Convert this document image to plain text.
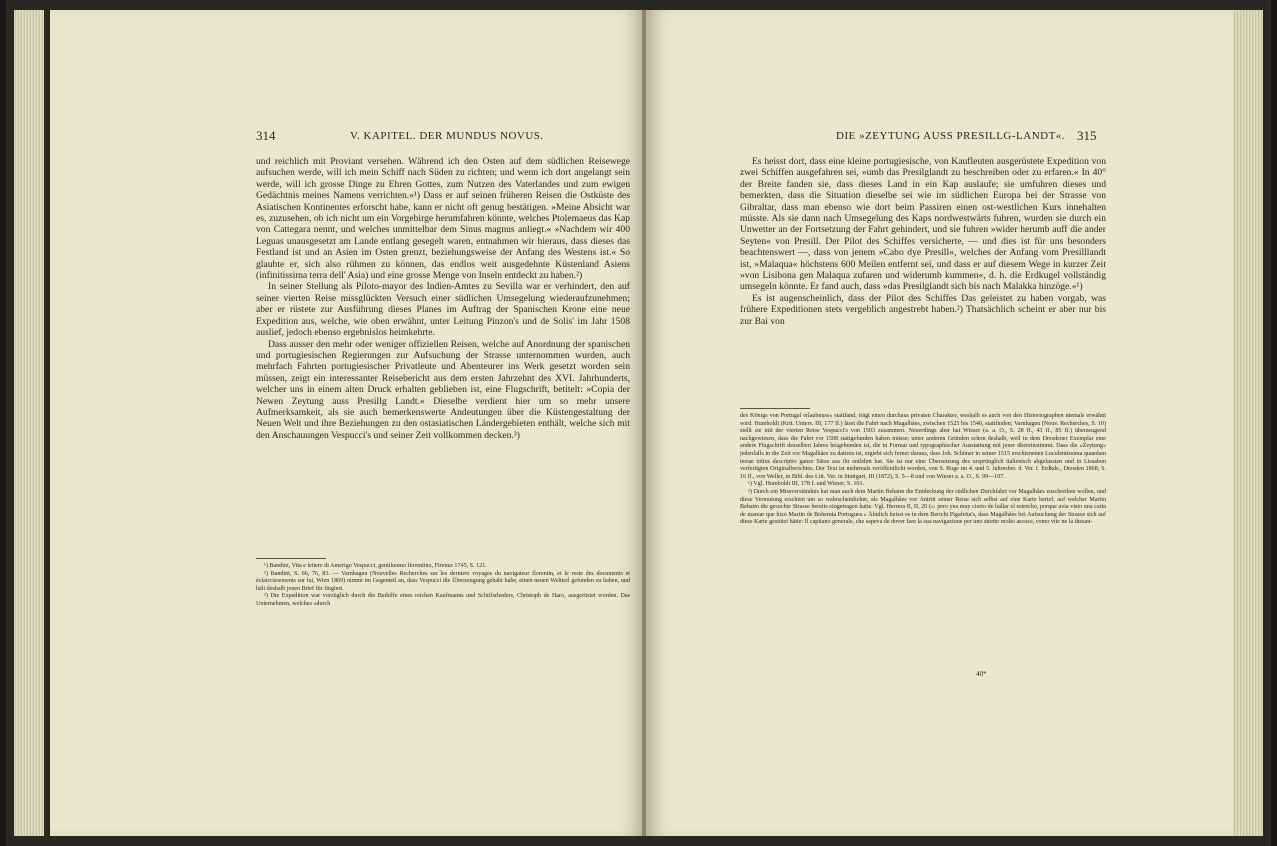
314	V. KAPITEL. DER MUNDUS NOVUS.

und reichlich mit Proviant versehen. Während ich den Osten auf dem südlichen Reisewege aufsuchen werde, will ich mein Schiff nach Süden zu richten; und wenn ich dort angelangt sein werde, will ich grosse Dinge zu Ehren Gottes, zum Nutzen des Vaterlandes und zum ewigen Gedächtnis meines Namens verrichten.«¹) Dass er auf seinen früheren Reisen die Ostküste des Asiatischen Kontinentes erforscht habe, kann er nicht oft genug bestätigen. »Meine Absicht war es, zuzusehen, ob ich nicht um ein Vorgebirge herumfahren könnte, welches Ptolemaeus das Kap von Cattegara nennt, und welches unmittelbar dem Sinus magnus anliegt.« »Nachdem wir 400 Leguas unausgesetzt am Lande entlang gesegelt waren, entnahmen wir hieraus, dass dieses das Festland ist und an Asien im Osten grenzt, beziehungsweise der Anfang des Westens ist.« So glaubte er, sich also rühmen zu können, das endlos weit ausgedehnte Küstenland Asiens (infinitissima terra dell' Asia) und eine grosse Menge von Inseln entdeckt zu haben.²)

In seiner Stellung als Piloto-mayor des Indien-Amtes zu Sevilla war er verhindert, den auf seiner vierten Reise missglückten Versuch einer südlichen Umsegelung wiederaufzunehmen; aber er rüstete zur Ausführung dieses Planes im Auftrag der Spanischen Krone eine neue Expedition aus, welche, wie oben erwähnt, unter Leitung Pinzon's und de Solis' im Jahr 1508 auslief, jedoch ebenso ergebnislos heimkehrte.

Dass ausser den mehr oder weniger offiziellen Reisen, welche auf Anordnung der spanischen und portugiesischen Regierungen zur Aufsuchung der Strasse unternommen wurden, auch mehrfach Fahrten portugiesischer Privatleute und Abenteurer ins Werk gesetzt worden sein müssen, zeigt ein interessanter Reisebericht aus dem ersten Jahrzehnt des XVI. Jahrhunderts, welcher uns in einem alten Druck erhalten geblieben ist, eine Flugschrift, betitelt: »Copia der Newen Zeytung auss Presillg Landt.« Dieselbe verdient hier um so mehr unsere Aufmerksamkeit, als sie auch bemerkenswerte Andeutungen über die Küstengestaltung der Neuen Welt und ihre Beziehungen zu den ostasiatischen Ländergebieten enthält, welche sich mit den Anschauungen Vespucci's und seiner Zeit vollkommen decken.³)

¹) Bandini, Vita e lettere di Amerigo Vespucci, gentiluomo fiorentino, Firenze 1745, S. 121.

²) Bandini, S. 66, 76, 83. — Varnhagen (Nouvelles Recherches sur les derniers voyages du navigateur florentin, et le reste des documents et éclaircissements sur lui, Wien 1869) nimmt im Gegenteil an, dass Vespucci die Überzeugung gehabt habe, einen neuen Weltteil gefunden zu haben, und hält deshalb jenen Brief für fingiert.

³) Die Expedition war vorzüglich durch die Beihilfe eines reichen Kaufmanns und Schiffsrheders, Christoph de Haro, ausgerüstet worden. Das Unternehmen, welches »durch

DIE »ZEYTUNG AUSS PRESILLG-LANDT«. 315

Es heisst dort, dass eine kleine portugiesische, von Kaufleuten ausgerüstete Expedition von zwei Schiffen ausgefahren sei, »umb das Presilglandt zu beschreiben oder zu erfaren.« In 40° der Breite fanden sie, dass dieses Land in ein Kap auslaufe; sie umfuhren dieses und bemerkten, dass die Situation dieselbe sei wie im südlichen Europa bei der Strasse von Gibraltar, dass man ebenso wie dort beim Passiren einen ost-westlichen Kurs innehalten müsste. Als sie dann nach Umsegelung des Kaps nordwestwärts fuhren, wurden sie durch ein Unwetter an der Fortsetzung der Fahrt gehindert, und sie fuhren »wider herumb auff die ander Seyten« von Presill. Der Pilot des Schiffes versicherte, — und dies ist für uns besonders beachtenswert —, dass von jenem »Cabo dye Presill«, welches der Anfang vom Presilllandt ist, »Malaqua« höchstens 600 Meilen entfernt sei, und dass er auf diesem Wege in kurzer Zeit »von Lisibona gen Malaqua zufaren und widerumb kummen«, d. h. die Erdkugel vollständig umsegeln könnte. Er fand auch, dass »das Presilglandt sich bis nach Malakka hinzöge.«¹)

Es ist augenscheinlich, dass der Pilot des Schiffes Das geleistet zu haben vorgab, was frühere Expeditionen stets vergeblich angestrebt haben.²) Thatsächlich scheint er aber nur bis zur Bai von

des Königs von Portugal erlaubnuss« stattfand, trägt einen durchaus privaten Charakter, weshalb es auch von den Historiographen niemals erwähnt wird. Humboldt (Krit. Unters. III, 177 ff.) lässt die Fahrt nach Magalhães, zwischen 1525 bis 1540, stattfinden; Varnhagen (Nouv. Recherches, S. 10) stellt sie mit der vierten Reise Vespucci's von 1503 zusammen. Neuerdings aber hat Wieser (a. a. O., S. 28 ff., 43 ff., 85 ff.) überzeugend nachgewiesen, dass die Fahrt vor 1508 stattgefunden haben müsse; unter anderen Gründen schon deshalb, weil in dem Dresdener Exemplar eine andere Flugschrift desselben Jahres beigebunden ist, die in Format und typographischer Ausstattung mit jener übereinstimmt. Dass die »Zeytung« jedenfalls in die Zeit vor Magalhães zu datiren ist, ergiebt sich ferner daraus, dass Joh. Schöner in seiner 1515 erschienenen Luculentissima quaedam terrae totius descriptio ganze Sätze aus ihr entlehnt hat. Sie ist nur eine Übersetzung des ursprünglich italienisch abgefassten und in Lissabon verfertigten Originalberichtes. Der Text ist mehrmals veröffentlicht worden, von S. Ruge im 4. und 5. Jahresber. d. Ver. f. Erdkde., Dresden 1868, S. 16 ff., von Weller, in Bibl. des Litt. Ver. in Stuttgart, III (1872), S. 5—8 und von Wieser a. a. O., S. 99—107.

¹) Vgl. Humboldt III, 178 f. und Wieser, S. 101.

²) Durch ein Missverständnis hat man auch dem Martin Behaim die Entdeckung der südlichen Durchfahrt vor Magalhães zuschreiben wollen, und diese Vermutung erschien um so wahrscheinlicher, als Magalhães vor Antritt seiner Reise sich selbst auf eine Karte berief, auf welcher Martin Behaim die gesuchte Strasse bereits eingetragen hatte. Vgl. Herrera II, II, 20 (»: pero yea muy cierto de hallar el estrecho, porque avia visto una carta de marear que hizo Martin de Bohemia Portugues.« Ähnlich heisst es in dem Bericht Pigafetta's, dass Magalhães bei Aufsuchung der Strasse sich auf diese Karte gestützt hätte: Il capitano generale, che sapeva de dover fare la sua navigazione per uno stretto molto ascoso, como vite ne la thesau-

40*
